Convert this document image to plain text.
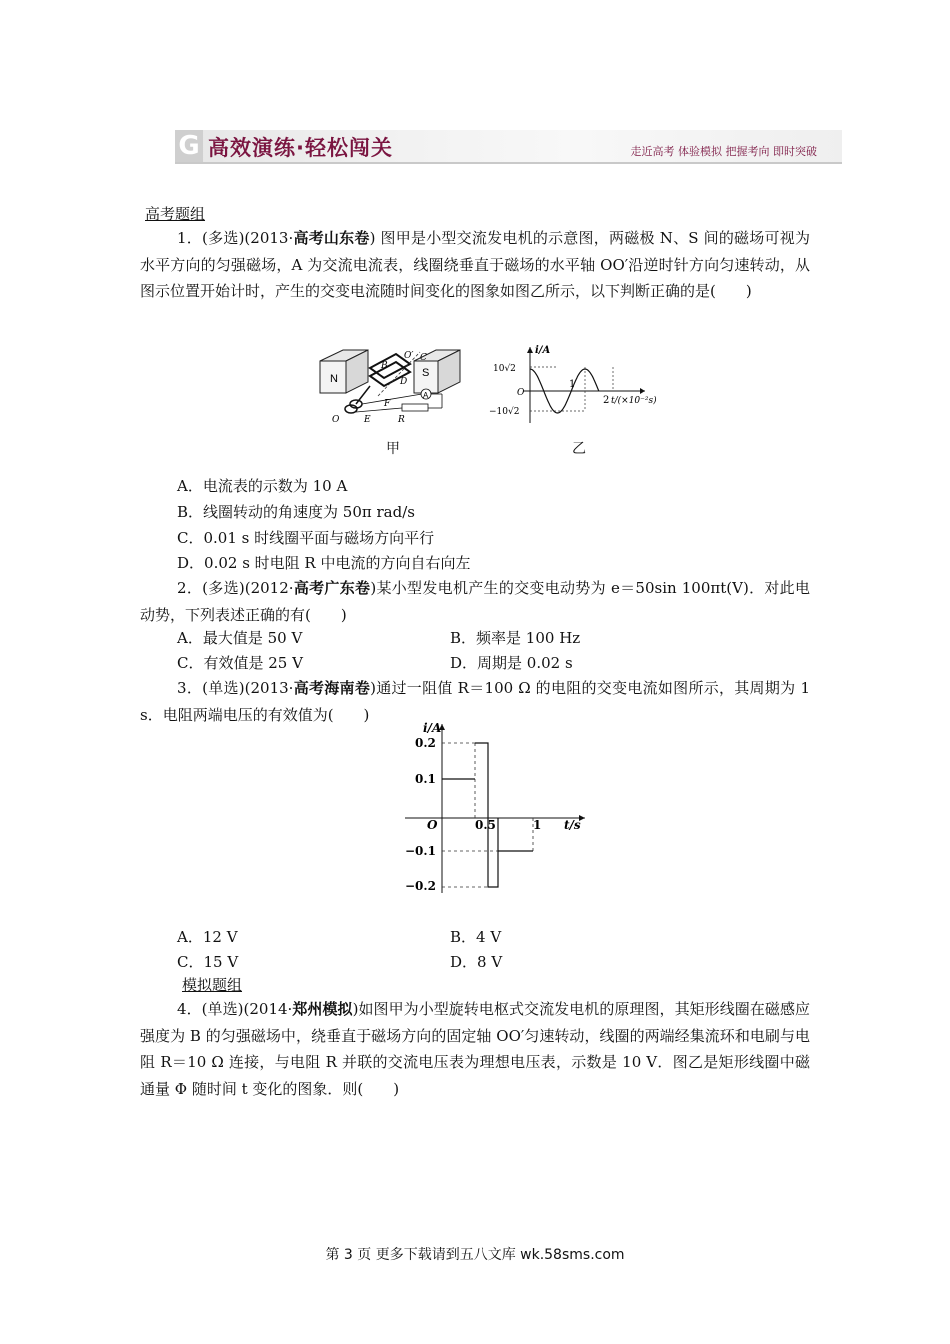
G 高效演练·轻松闯关	走近高考 体验模拟 把握考向 即时突破
高考题组
1．(多选)(2013·高考山东卷) 图甲是小型交流发电机的示意图，两磁极 N、S 间的磁场可视为水平方向的匀强磁场，A 为交流电流表，线圈绕垂直于磁场的水平轴 OO′沿逆时针方向匀速转动，从图示位置开始计时，产生的交变电流随时间变化的图象如图乙所示，以下判断正确的是(　　)
N	S
A
B
O′ C
D
F
E	R
O
甲
i/A
10√2
O
−10√2
1
2 t/(×10⁻²s)
乙
A．电流表的示数为 10 A
B．线圈转动的角速度为 50π rad/s
C．0.01 s 时线圈平面与磁场方向平行
D．0.02 s 时电阻 R 中电流的方向自右向左
2．(多选)(2012·高考广东卷)某小型发电机产生的交变电动势为 e＝50sin 100πt(V)．对此电动势，下列表述正确的有(　　)
A．最大值是 50 V	B．频率是 100 Hz
C．有效值是 25 V	D．周期是 0.02 s
3．(单选)(2013·高考海南卷)通过一阻值 R＝100 Ω 的电阻的交变电流如图所示，其周期为 1 s．电阻两端电压的有效值为(　　)
i/A
0.2
0.1
−0.1
−0.2
O	0.5	1 t/s
A．12 V	B．4 V
C．15 V	D．8 V
模拟题组
4．(单选)(2014·郑州模拟)如图甲为小型旋转电枢式交流发电机的原理图，其矩形线圈在磁感应强度为 B 的匀强磁场中，绕垂直于磁场方向的固定轴 OO′匀速转动，线圈的两端经集流环和电刷与电阻 R＝10 Ω 连接，与电阻 R 并联的交流电压表为理想电压表，示数是 10 V．图乙是矩形线圈中磁通量 Φ 随时间 t 变化的图象．则(　　)
第 3 页 更多下载请到五八文库 wk.58sms.com
